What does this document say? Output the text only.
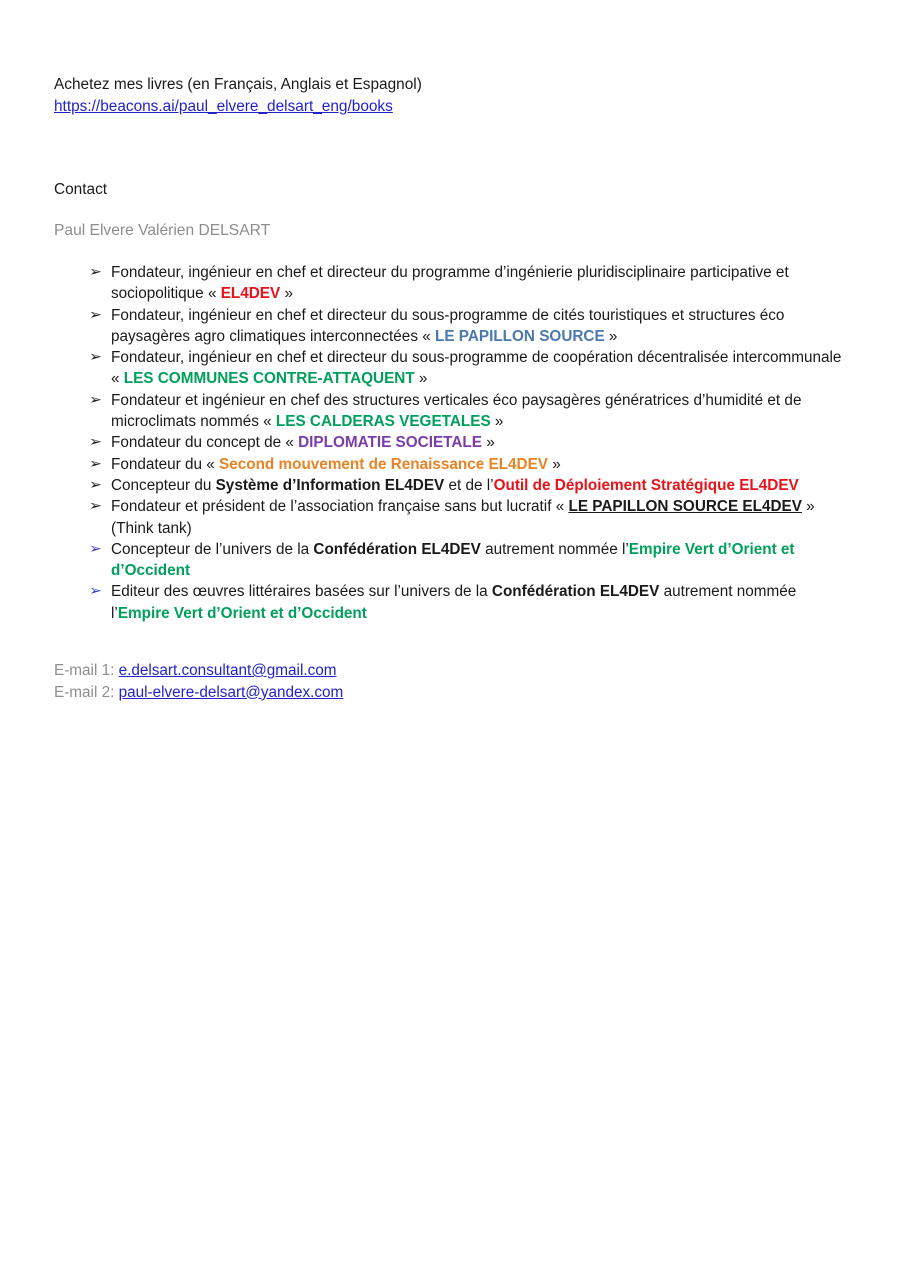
Achetez mes livres (en Français, Anglais et Espagnol)
https://beacons.ai/paul_elvere_delsart_eng/books
Contact
Paul Elvere Valérien DELSART
➢ Fondateur, ingénieur en chef et directeur du programme d’ingénierie pluridisciplinaire participative et sociopolitique « EL4DEV »
➢ Fondateur, ingénieur en chef et directeur du sous-programme de cités touristiques et structures éco paysagères agro climatiques interconnectées « LE PAPILLON SOURCE »
➢ Fondateur, ingénieur en chef et directeur du sous-programme de coopération décentralisée intercommunale « LES COMMUNES CONTRE-ATTAQUENT »
➢ Fondateur et ingénieur en chef des structures verticales éco paysagères génératrices d’humidité et de microclimats nommés « LES CALDERAS VEGETALES »
➢ Fondateur du concept de « DIPLOMATIE SOCIETALE »
➢ Fondateur du « Second mouvement de Renaissance EL4DEV »
➢ Concepteur du Système d’Information EL4DEV et de l’Outil de Déploiement Stratégique EL4DEV
➢ Fondateur et président de l’association française sans but lucratif « LE PAPILLON SOURCE EL4DEV » (Think tank)
➢ Concepteur de l’univers de la Confédération EL4DEV autrement nommée l’Empire Vert d’Orient et d’Occident
➢ Editeur des œuvres littéraires basées sur l’univers de la Confédération EL4DEV autrement nommée l’Empire Vert d’Orient et d’Occident
E-mail 1: e.delsart.consultant@gmail.com
E-mail 2: paul-elvere-delsart@yandex.com
